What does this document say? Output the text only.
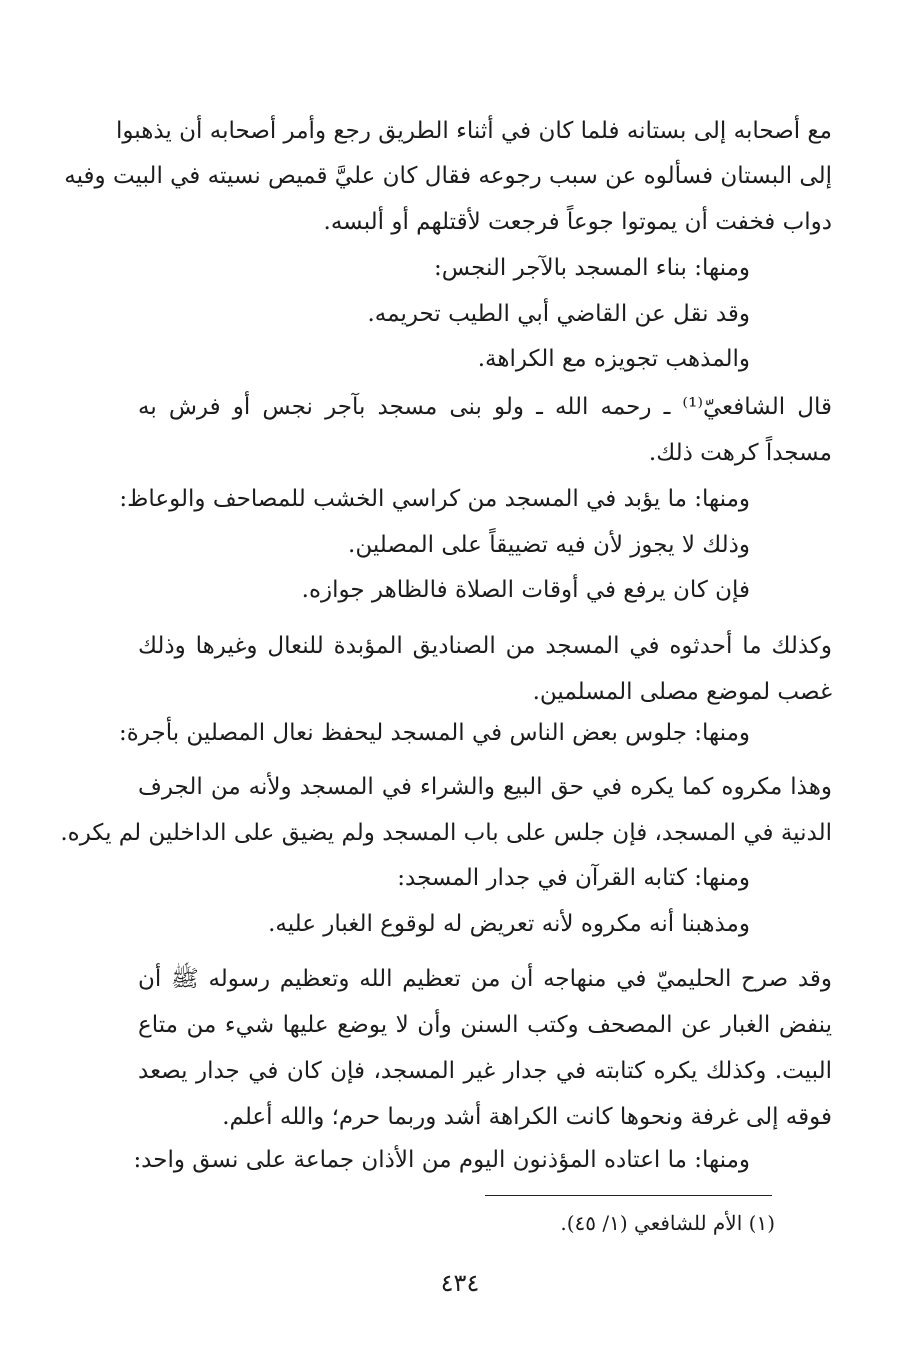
مع أصحابه إلى بستانه فلما كان في أثناء الطريق رجع وأمر أصحابه أن يذهبوا
إلى البستان فسألوه عن سبب رجوعه فقال كان عليَّ قميص نسيته في البيت وفيه
دواب فخفت أن يموتوا جوعاً فرجعت لأقتلهم أو ألبسه.
ومنها: بناء المسجد بالآجر النجس:
وقد نقل عن القاضي أبي الطيب تحريمه.
والمذهب تجويزه مع الكراهة.
قال الشافعيّ⁽¹⁾ ـ رحمه الله ـ ولو بنى مسجد بآجر نجس أو فرش به
مسجداً كرهت ذلك.
ومنها: ما يؤبد في المسجد من كراسي الخشب للمصاحف والوعاظ:
وذلك لا يجوز لأن فيه تضييقاً على المصلين.
فإن كان يرفع في أوقات الصلاة فالظاهر جوازه.
وكذلك ما أحدثوه في المسجد من الصناديق المؤبدة للنعال وغيرها وذلك
غصب لموضع مصلى المسلمين.
ومنها: جلوس بعض الناس في المسجد ليحفظ نعال المصلين بأجرة:
وهذا مكروه كما يكره في حق البيع والشراء في المسجد ولأنه من الجرف
الدنية في المسجد، فإن جلس على باب المسجد ولم يضيق على الداخلين لم يكره.
ومنها: كتابه القرآن في جدار المسجد:
ومذهبنا أنه مكروه لأنه تعريض له لوقوع الغبار عليه.
وقد صرح الحليميّ في منهاجه أن من تعظيم الله وتعظيم رسوله ﷺ أن
ينفض الغبار عن المصحف وكتب السنن وأن لا يوضع عليها شيء من متاع
البيت. وكذلك يكره كتابته في جدار غير المسجد، فإن كان في جدار يصعد
فوقه إلى غرفة ونحوها كانت الكراهة أشد وربما حرم؛ والله أعلم.
ومنها: ما اعتاده المؤذنون اليوم من الأذان جماعة على نسق واحد:
(١) الأم للشافعي (١/ ٤٥).
٤٣٤
